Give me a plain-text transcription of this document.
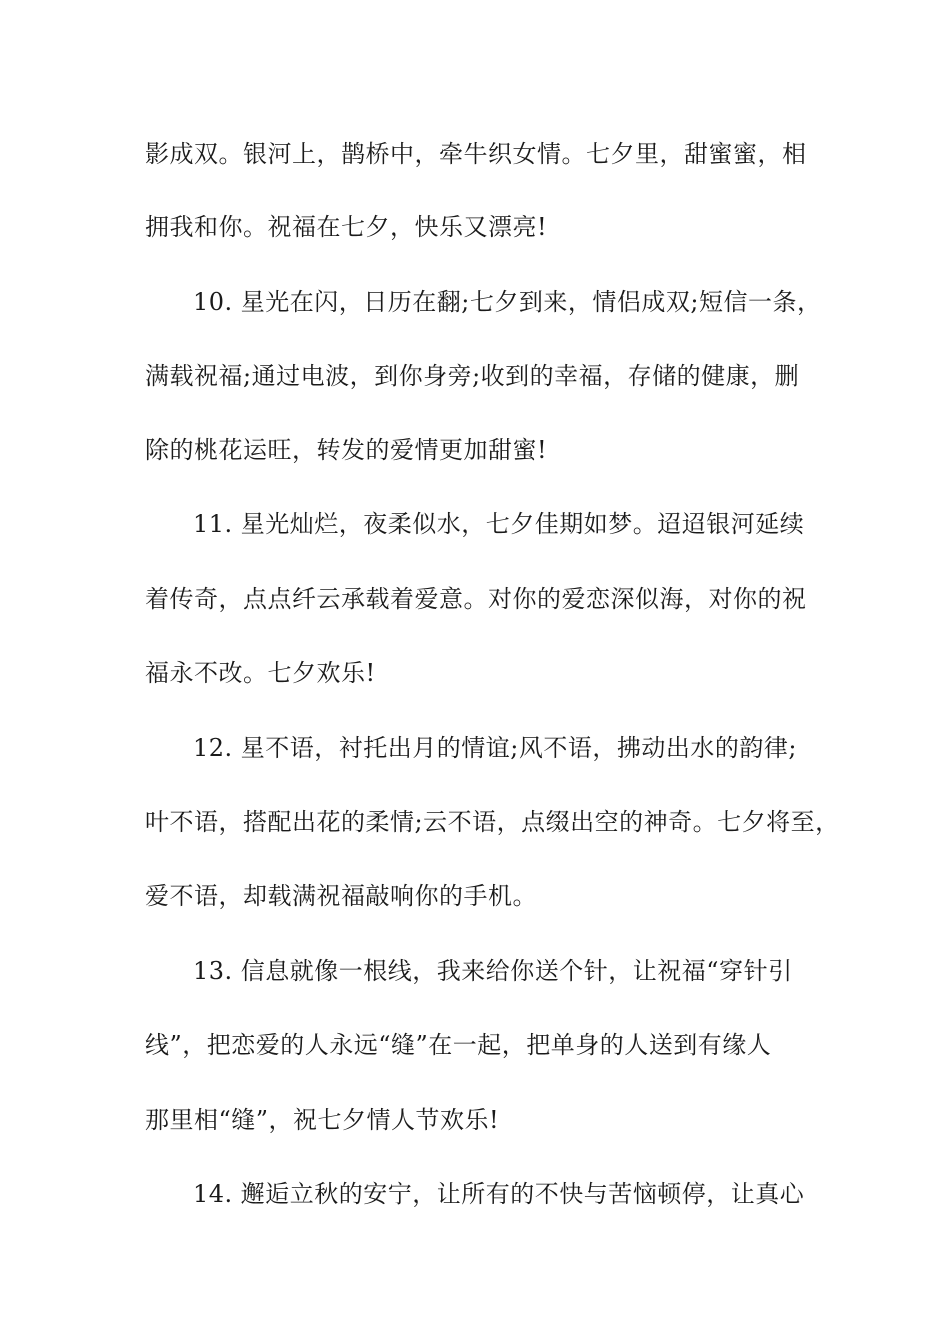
影成双。银河上，鹊桥中，牵牛织女情。七夕里，甜蜜蜜，相
拥我和你。祝福在七夕，快乐又漂亮!
10. 星光在闪，日历在翻;七夕到来，情侣成双;短信一条，
满载祝福;通过电波，到你身旁;收到的幸福，存储的健康，删
除的桃花运旺，转发的爱情更加甜蜜!
11. 星光灿烂，夜柔似水，七夕佳期如梦。迢迢银河延续
着传奇，点点纤云承载着爱意。对你的爱恋深似海，对你的祝
福永不改。七夕欢乐!
12. 星不语，衬托出月的情谊;风不语，拂动出水的韵律;
叶不语，搭配出花的柔情;云不语，点缀出空的神奇。七夕将至，
爱不语，却载满祝福敲响你的手机。
13. 信息就像一根线，我来给你送个针，让祝福“穿针引
线”，把恋爱的人永远“缝”在一起，把单身的人送到有缘人
那里相“缝”，祝七夕情人节欢乐!
14. 邂逅立秋的安宁，让所有的不快与苦恼顿停，让真心
